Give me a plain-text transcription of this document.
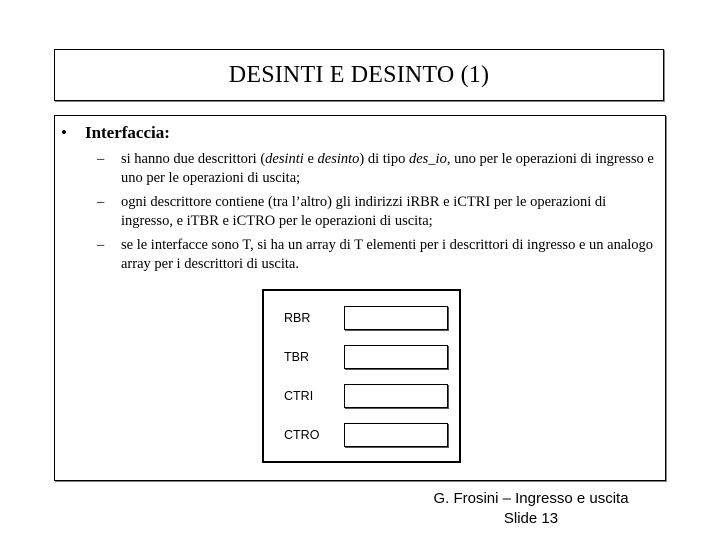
DESINTI E DESINTO (1)
• Interfaccia:
– si hanno due descrittori (desinti e desinto) di tipo des_io, uno per le operazioni di ingresso e uno per le operazioni di uscita;
– ogni descrittore contiene (tra l’altro) gli indirizzi iRBR e iCTRI per le operazioni di ingresso, e iTBR e iCTRO per le operazioni di uscita;
– se le interfacce sono T, si ha un array di T elementi per i descrittori di ingresso e un analogo array per i descrittori di uscita.
RBR
TBR
CTRI
CTRO
G. Frosini – Ingresso e uscita
Slide 13
